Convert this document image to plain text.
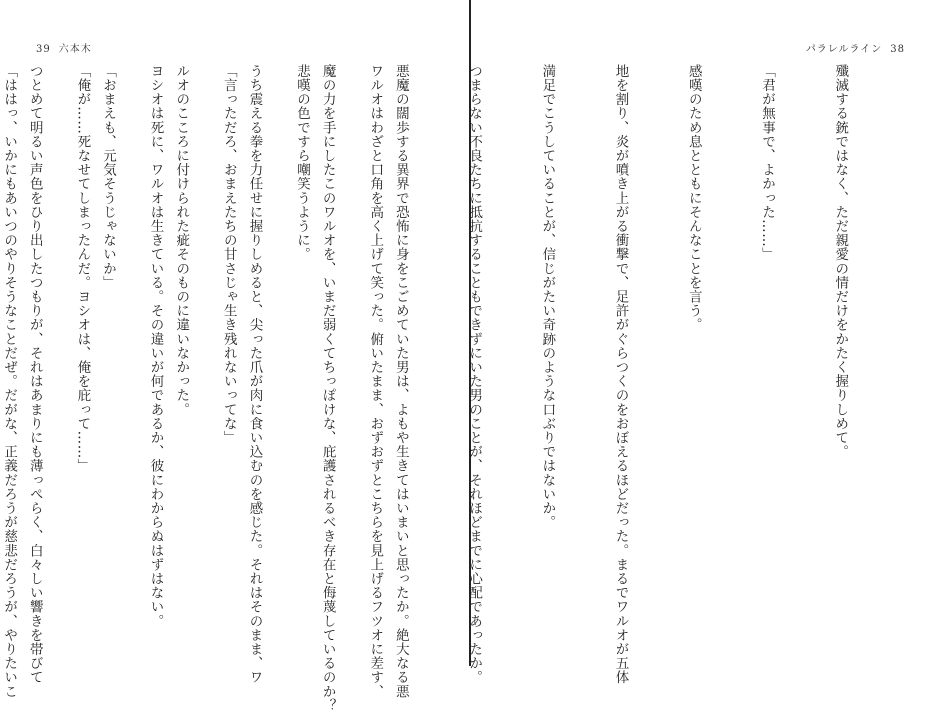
39 六本木

ワルオはわざと口角を高く上げて笑った。俯いたまま、おずおずとこちらを見上げるフツオに差す、

悲嘆の色ですら嘲笑うように。

「言っただろ、おまえたちの甘さじゃ生き残れないってな」

ヨシオは死に、ワルオは生きている。その違いが何であるか、彼にわからぬはずはない。

「俺が……死なせてしまったんだ。ヨシオは、俺を庇って……」

「ははっ、いかにもあいつのやりそうなことだぜ。だがな、正義だろうが慈悲だろうが、やりたいこ

パラレルライン 38

殲滅する銃ではなく、ただ親愛の情だけをかたく握りしめて。

「君が無事で、よかった……」

感嘆のため息とともにそんなことを言う。

地を割り、炎が噴き上がる衝撃で、足許がぐらつくのをおぼえるほどだった。まるでワルオが五体

満足でこうしていることが、信じがたい奇跡のような口ぶりではないか。

つまらない不良たちに抵抗することもできずにいた男のことが、それほどまでに心配であったか。

悪魔の闊歩する異界で恐怖に身をこごめていた男は、よもや生きてはいまいと思ったか。絶大なる悪

魔の力を手にしたこのワルオを、いまだ弱くてちっぽけな、庇護されるべき存在と侮蔑しているのか？

うち震える拳を力任せに握りしめると、尖った爪が肉に食い込むのを感じた。それはそのまま、ワ

ルオのこころに付けられた疵そのものに違いなかった。

「おまえも、元気そうじゃないか」

つとめて明るい声色をひり出したつもりが、それはあまりにも薄っぺらく、白々しい響きを帯びて
